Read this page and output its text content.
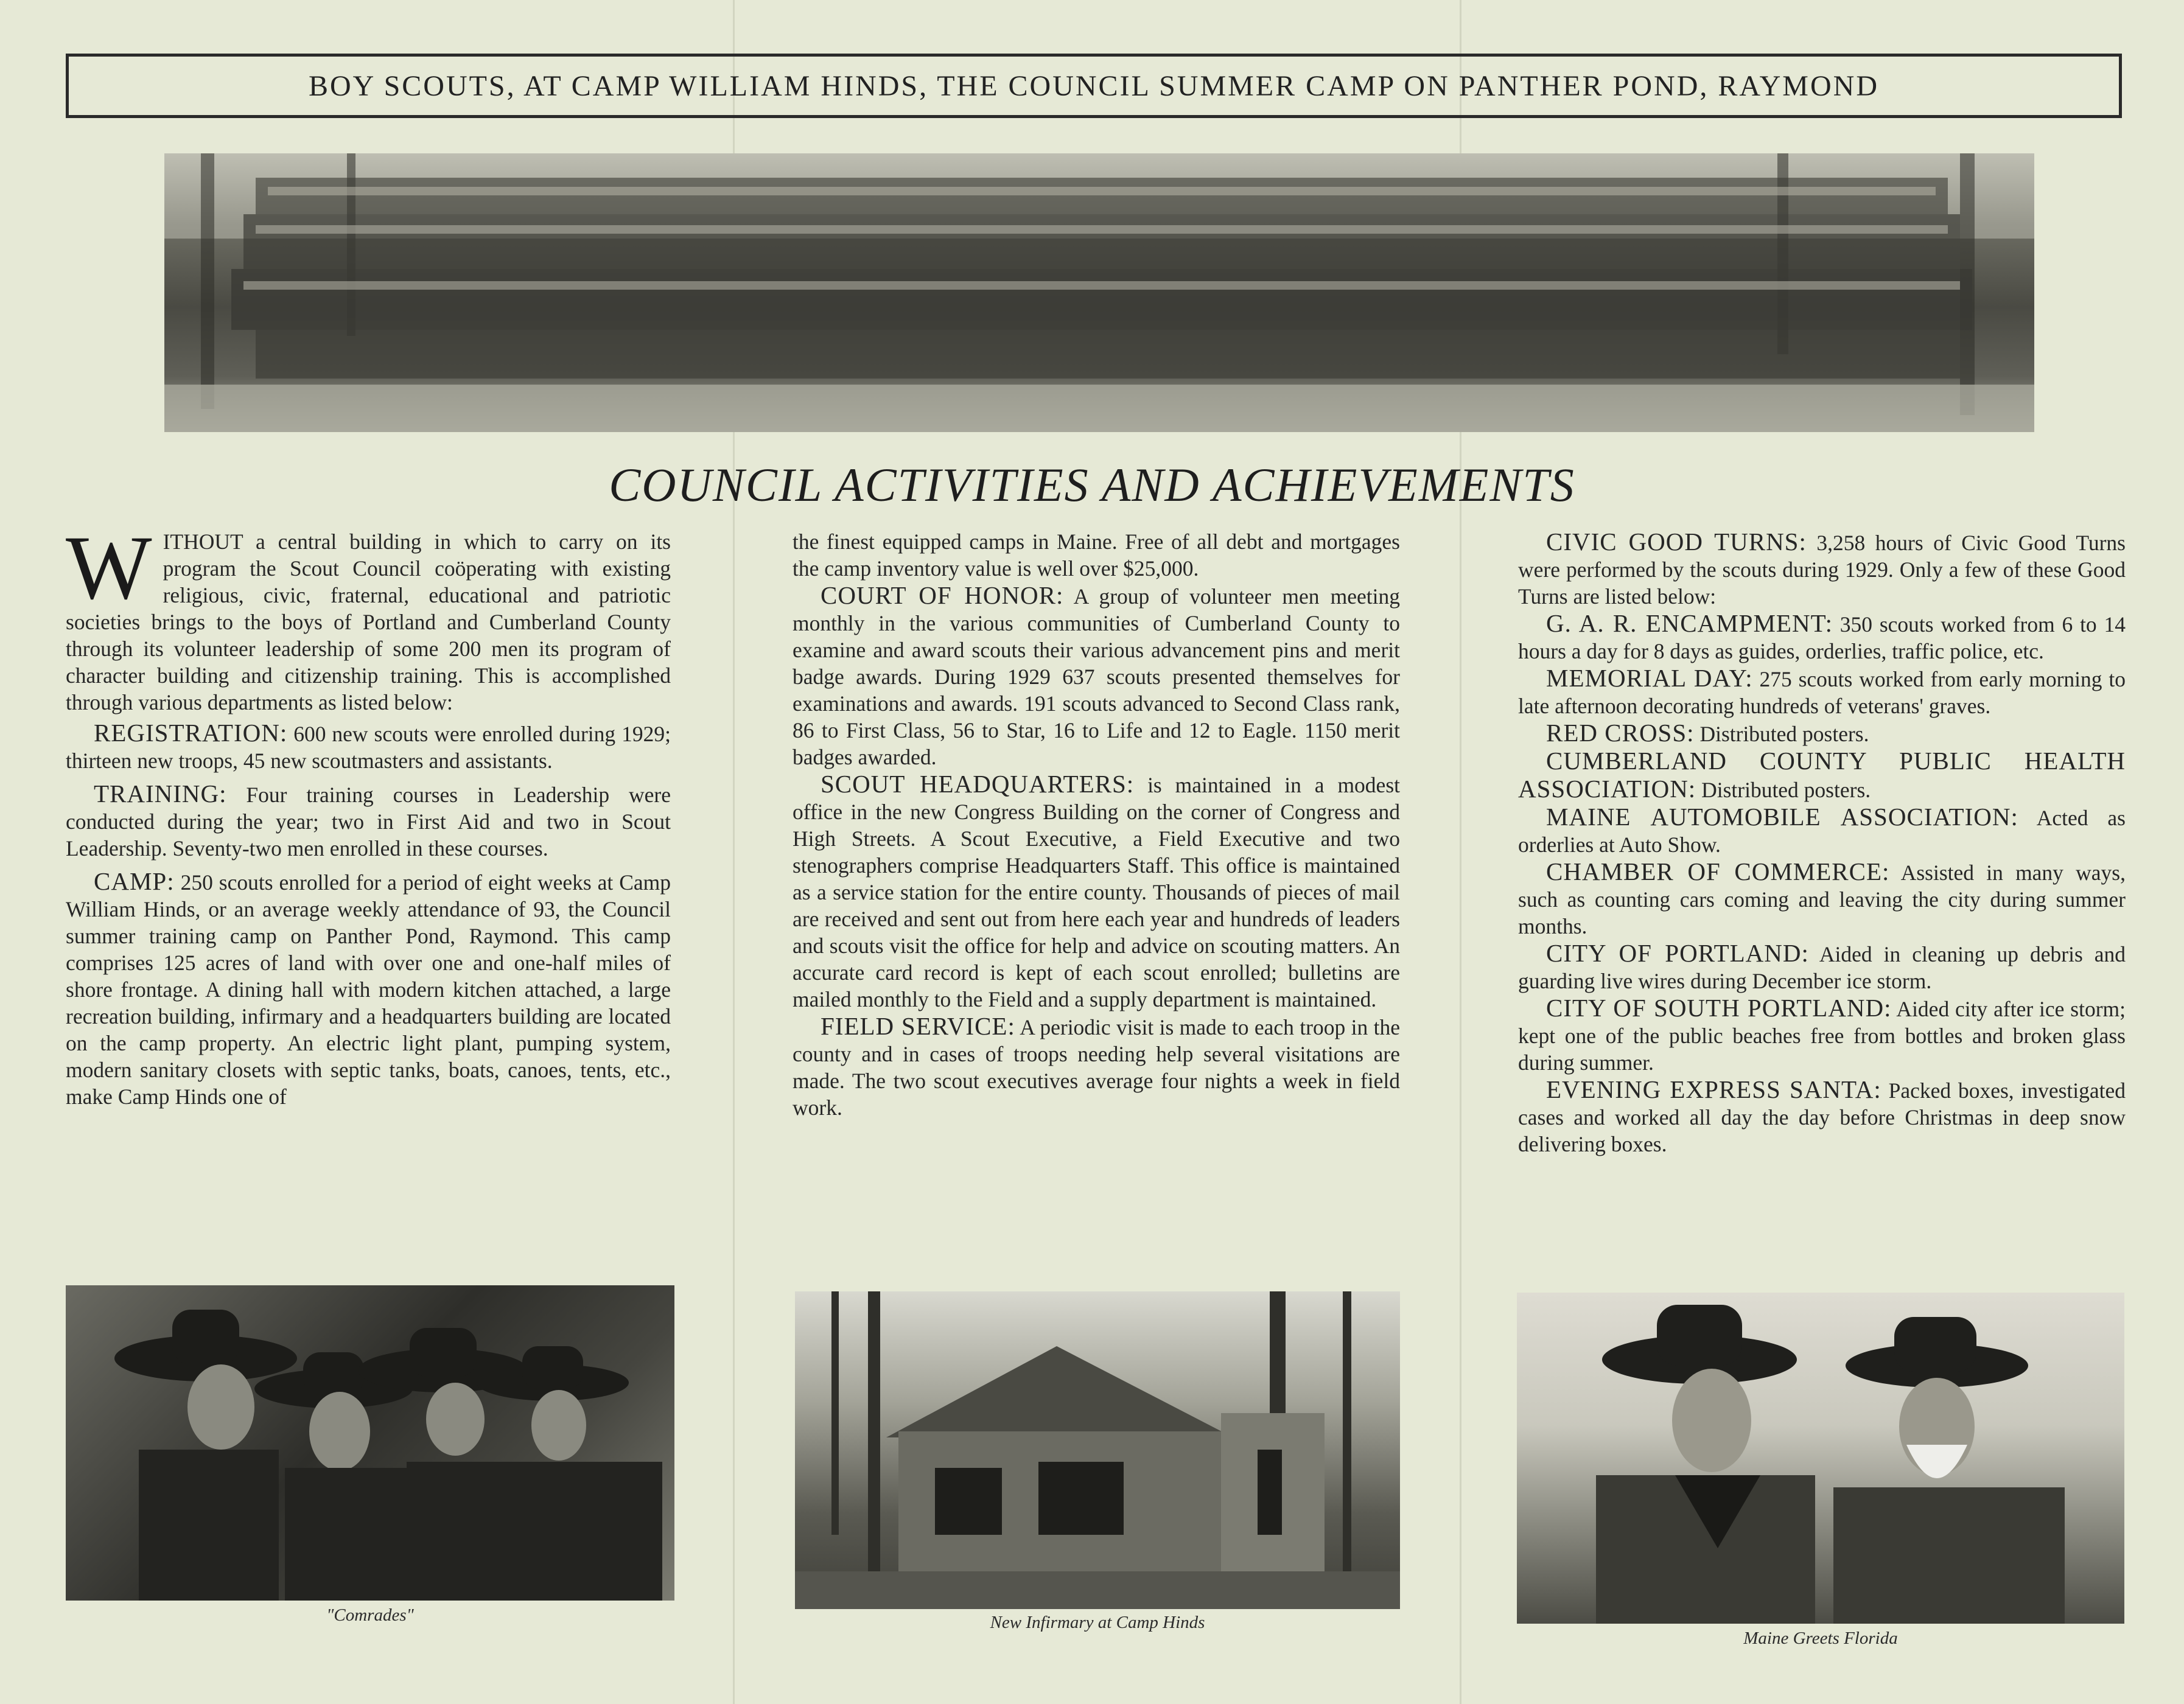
BOY SCOUTS, AT CAMP WILLIAM HINDS, THE COUNCIL SUMMER CAMP ON PANTHER POND, RAYMOND
COUNCIL ACTIVITIES AND ACHIEVEMENTS

WITHOUT a central building in which to carry on its program the Scout Council coöperating with existing religious, civic, fraternal, educational and patriotic societies brings to the boys of Portland and Cumberland County through its volunteer leadership of some 200 men its program of character building and citizenship training. This is accomplished through various departments as listed below:

REGISTRATION: 600 new scouts were enrolled during 1929; thirteen new troops, 45 new scoutmasters and assistants.

TRAINING: Four training courses in Leadership were conducted during the year; two in First Aid and two in Scout Leadership. Seventy-two men enrolled in these courses.

CAMP: 250 scouts enrolled for a period of eight weeks at Camp William Hinds, or an average weekly attendance of 93, the Council summer training camp on Panther Pond, Raymond. This camp comprises 125 acres of land with over one and one-half miles of shore frontage. A dining hall with modern kitchen attached, a large recreation building, infirmary and a headquarters building are located on the camp property. An electric light plant, pumping system, modern sanitary closets with septic tanks, boats, canoes, tents, etc., make Camp Hinds one of

the finest equipped camps in Maine. Free of all debt and mortgages the camp inventory value is well over $25,000.

COURT OF HONOR: A group of volunteer men meeting monthly in the various communities of Cumberland County to examine and award scouts their various advancement pins and merit badge awards. During 1929 637 scouts presented themselves for examinations and awards. 191 scouts advanced to Second Class rank, 86 to First Class, 56 to Star, 16 to Life and 12 to Eagle. 1150 merit badges awarded.

SCOUT HEADQUARTERS: is maintained in a modest office in the new Congress Building on the corner of Congress and High Streets. A Scout Executive, a Field Executive and two stenographers comprise Headquarters Staff. This office is maintained as a service station for the entire county. Thousands of pieces of mail are received and sent out from here each year and hundreds of leaders and scouts visit the office for help and advice on scouting matters. An accurate card record is kept of each scout enrolled; bulletins are mailed monthly to the Field and a supply department is maintained.

FIELD SERVICE: A periodic visit is made to each troop in the county and in cases of troops needing help several visitations are made. The two scout executives average four nights a week in field work.

CIVIC GOOD TURNS: 3,258 hours of Civic Good Turns were performed by the scouts during 1929. Only a few of these Good Turns are listed below:

G. A. R. ENCAMPMENT: 350 scouts worked from 6 to 14 hours a day for 8 days as guides, orderlies, traffic police, etc.

MEMORIAL DAY: 275 scouts worked from early morning to late afternoon decorating hundreds of veterans' graves.

RED CROSS: Distributed posters.

CUMBERLAND COUNTY PUBLIC HEALTH ASSOCIATION: Distributed posters.

MAINE AUTOMOBILE ASSOCIATION: Acted as orderlies at Auto Show.

CHAMBER OF COMMERCE: Assisted in many ways, such as counting cars coming and leaving the city during summer months.

CITY OF PORTLAND: Aided in cleaning up debris and guarding live wires during December ice storm.

CITY OF SOUTH PORTLAND: Aided city after ice storm; kept one of the public beaches free from bottles and broken glass during summer.

EVENING EXPRESS SANTA: Packed boxes, investigated cases and worked all day the day before Christmas in deep snow delivering boxes.

"Comrades"	New Infirmary at Camp Hinds
Maine Greets Florida
